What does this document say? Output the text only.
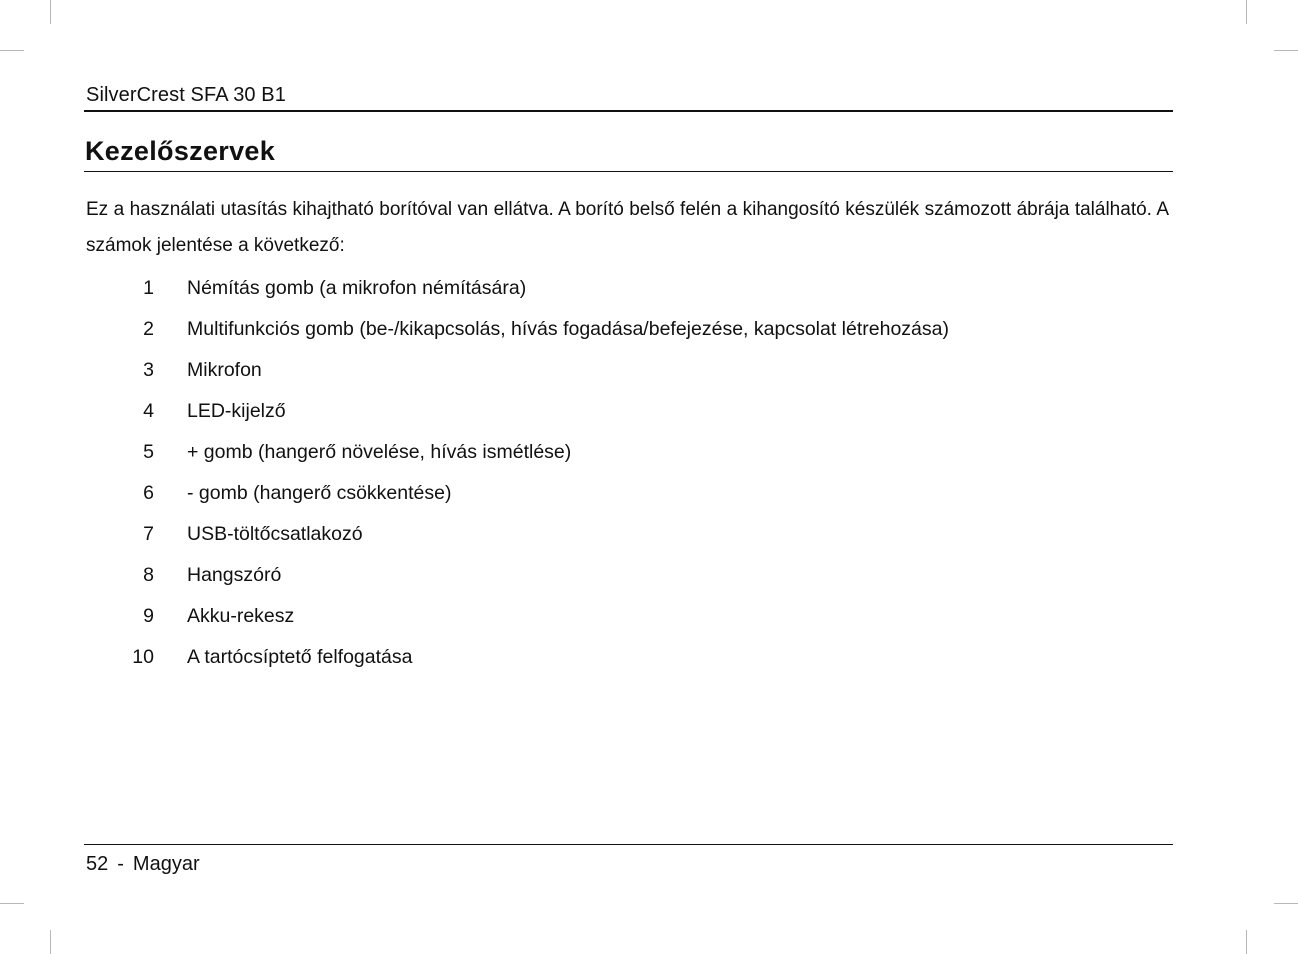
SilverCrest SFA 30 B1
Kezelőszervek

Ez a használati utasítás kihajtható borítóval van ellátva. A borító belső felén a kihangosító készülék számozott ábrája található. A számok jelentése a következő:

1 Némítás gomb (a mikrofon némítására)
2 Multifunkciós gomb (be-/kikapcsolás, hívás fogadása/befejezése, kapcsolat létrehozása)
3 Mikrofon
4 LED-kijelző
5 + gomb (hangerő növelése, hívás ismétlése)
6 - gomb (hangerő csökkentése)
7 USB-töltőcsatlakozó
8 Hangszóró
9 Akku-rekesz
10 A tartócsíptető felfogatása
52 - Magyar
